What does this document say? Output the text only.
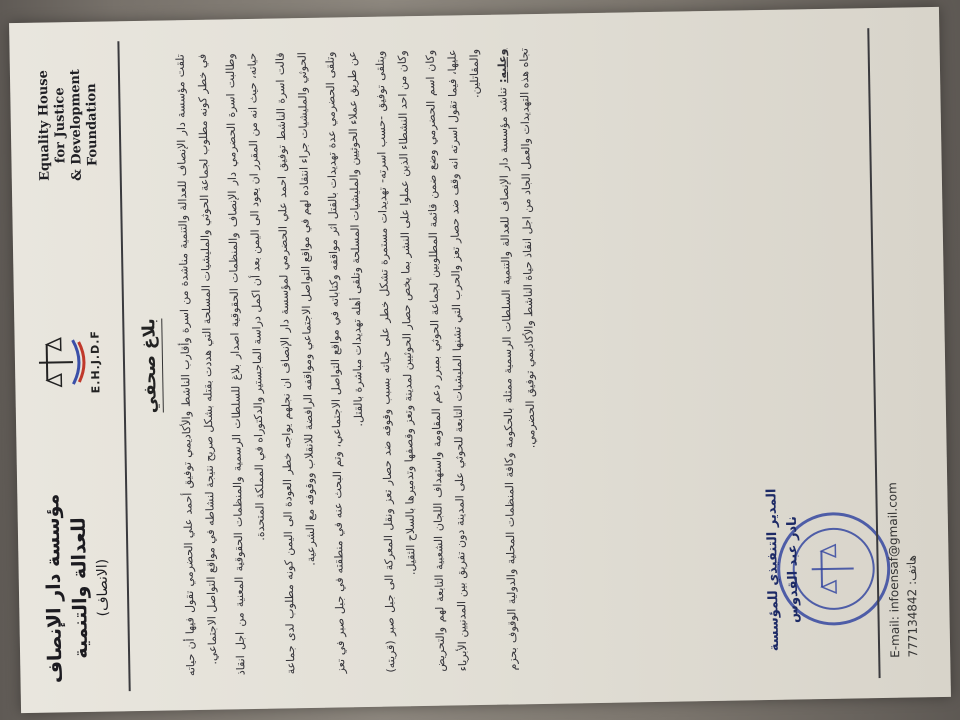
Equality House for Justice & Development Foundation
E.H.J.D.F
مؤسسة دار الإنصاف للعدالة والتنمية (الانصاف)
بلاغ صحفي	تلقت مؤسسة دار الإنصاف للعدالة والتنمية مناشدة من اسرة وأقارب الناشط والأكاديمي توفيق أحمد علي الحضرمي تقول فيها أن حياته في خطر كونه مطلوب لجماعة الحوثي والمليشيات المسلحة التي هددت بقتله بشكل صريح نتيجة لنشاطه في مواقع التواصل الاجتماعي. وطالبت اسرة الحضرمي دار الإنصاف والمنظمات الحقوقية اصدار بلاغ للسلطات الرسمية والمنظمات الحقوقية المعنية من اجل انقاذ حياته، حيث انه من المقرر ان يعود الى اليمن بعد أن اكمل دراسة الماجستير والدكتوراه في المملكة المتحدة. قالت اسرة الناشط توفيق احمد علي الحضرمي لمؤسسة دار الإنصاف ان نجلهم يواجه خطر العودة الى اليمن كونه مطلوب لدى جماعة الحوثي والمليشيات جراء انتقاده لهم في مواقع التواصل الاجتماعي ومواقفه الرافضة للانقلاب ووقوفه مع الشرعية. وتلقى الحضرمي عدة تهديدات بالقتل اثر مواقفه وكتاباته في مواقع التواصل الاجتماعي، وتم البحث عنه في منطقته في جبل صبر في تعز عن طريق عملاء الحوثيين والمليشيات المسلحة وتلقى أهله تهديدات مباشرة بالقتل. ويتلقى توفيق -حسب اسرته- تهديدات مستمرة تشكل خطر على حياته بسبب وقوفه ضد حصار تعز ونقل المعركة الى جبل صبر (قريته) وكان من احد النشطاء الذين عملوا على النشر بما يخص حصار الحوثيين لمدينة وتعز وقصفها وتدميرها بالسلاح الثقيل. وكان اسم الحضرمي وضع ضمن قائمة المطلوبين لجماعة الحوثي بمبرر دعم المقاومة واستهداف اللجان الشعبية التابعة لهم والتحريض عليها، فيما تقول اسرته انه وقف ضد حصار تعز والحرب التي تشنها المليشيات التابعة للحوثي على المدينة دون تفريق بين المدنيين الأبرياء والمقاتلين.	وعليه: تناشد مؤسسة دار الإنصاف للعدالة والتنمية السلطات الرسمية ممثلة بالحكومة وكافة المنظمات المحلية والدولية الوقوف بحزم تجاه هذه التهديدات والعمل الجاد من اجل انقاذ حياة الناشط والأكاديمي توفيق الحضرمي.

المدير التنفيذي للمؤسسة نادر عبد القدوس	E-mail: infoensaf@gmail.com 777134842 :هاتف
